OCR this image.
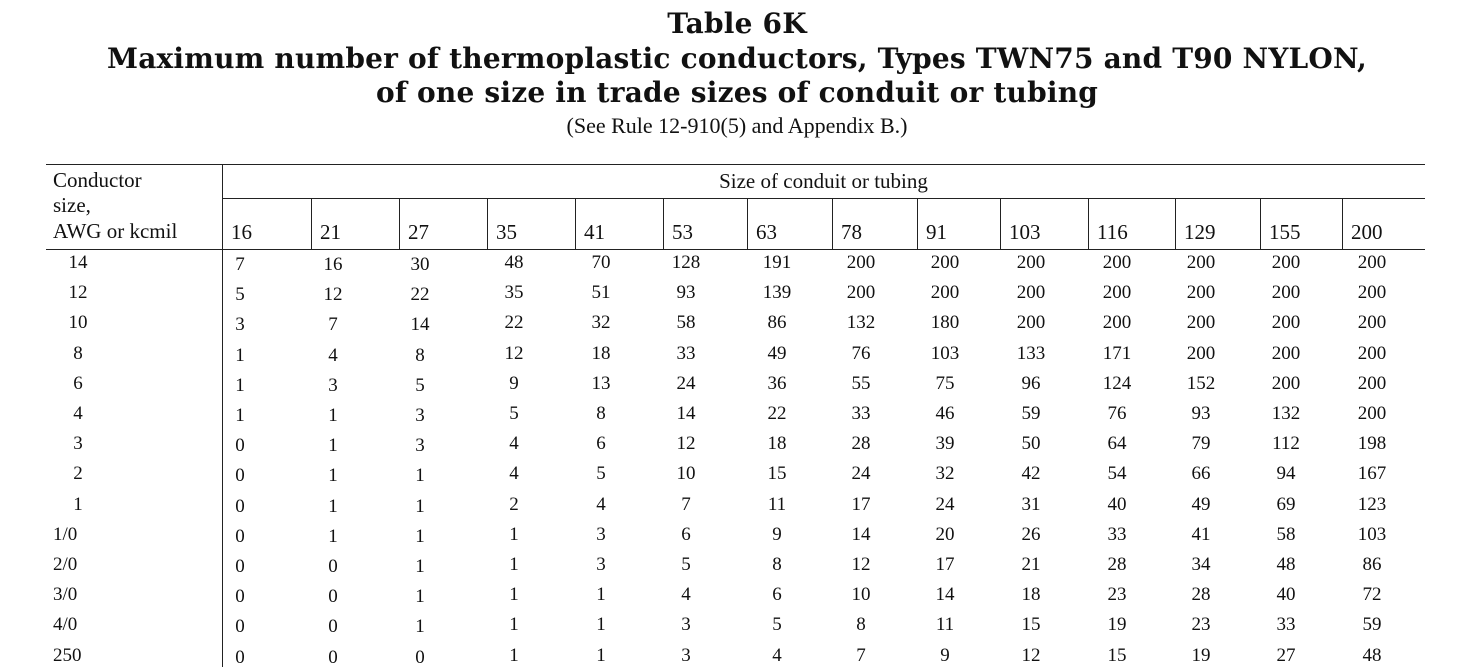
Table 6K
Maximum number of thermoplastic conductors, Types TWN75 and T90 NYLON,
of one size in trade sizes of conduit or tubing
(See Rule 12-910(5) and Appendix B.)
Conductor
size,
AWG or kcmil
Size of conduit or tubing
16	21	27	35	41	53	63	78	91	103	116	129	155 200
14	7	16	30	48	70	128	191	200	200	200	200	200	200	200
12	5	12	22	35	51	93	139	200	200	200	200	200	200	200
10	3	7	14	22	32	58	86	132	180	200	200	200	200	200
8	1	4	8	12	18	33	49	76	103	133	171	200	200	200
6	1	3	5	9	13	24	36	55	75	96	124	152	200	200
4	1	1	3	5	8	14	22	33	46	59	76	93	132	200
3	0	1	3	4	6	12	18	28	39	50	64	79	112	198
2	0	1	1	4	5	10	15	24	32	42	54	66	94	167
1	0	1	1	2	4	7	11	17	24	31	40	49	69	123
1/0	0	1	1	1	3	6	9	14	20	26	33	41	58	103
2/0	0	0	1	1	3	5	8	12	17	21	28	34	48	86
3/0	0	0	1	1	1	4	6	10	14	18	23	28	40	72
4/0	0	0	1	1	1	3	5	8	11	15	19	23	33	59
250	0	0	0	1	1	3	4	7	9	12	15	19	27	48
